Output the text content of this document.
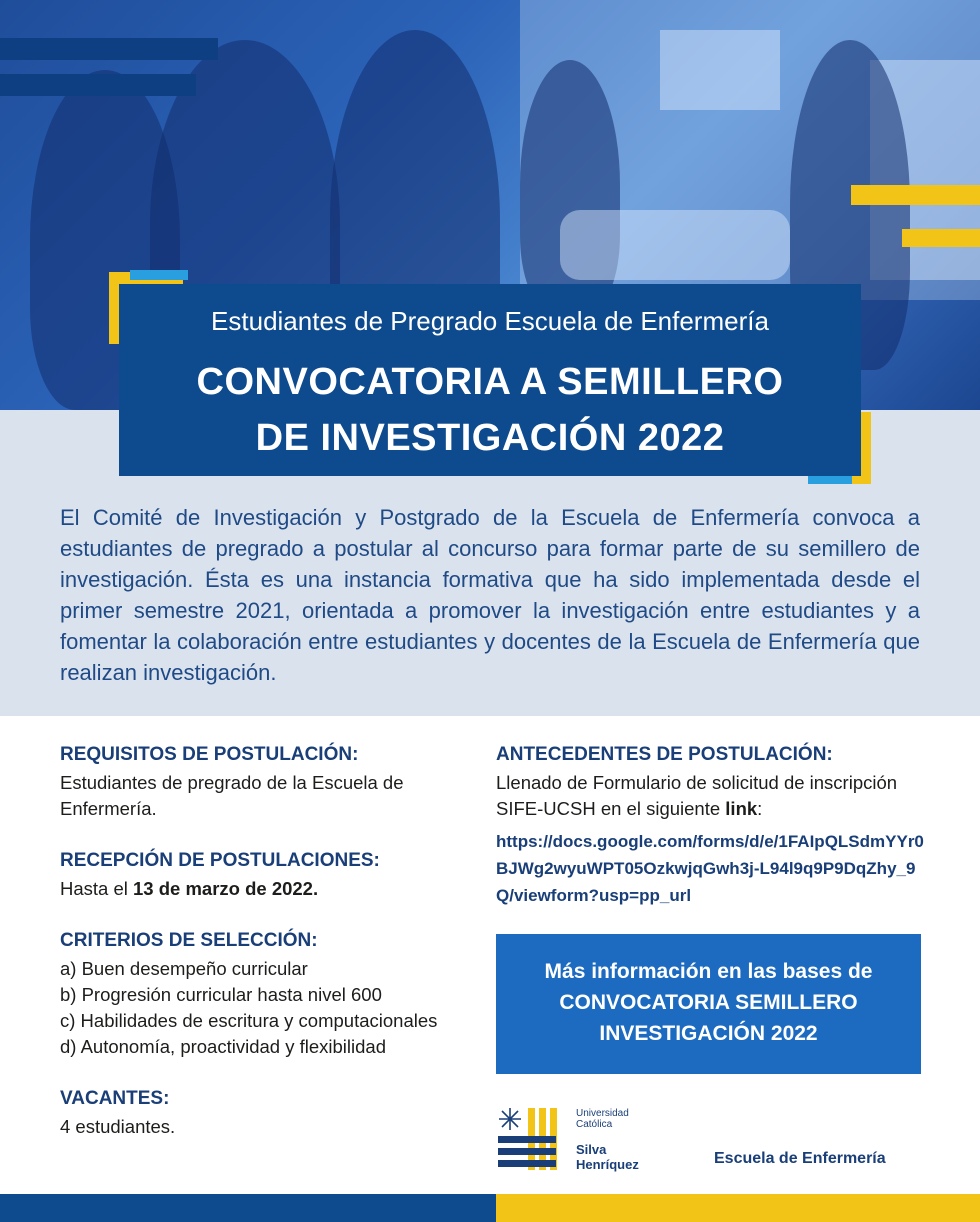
Estudiantes de Pregrado Escuela de Enfermería
CONVOCATORIA A SEMILLERO
DE INVESTIGACIÓN 2022

El Comité de Investigación y Postgrado de la Escuela de Enfermería convoca a estudiantes de pregrado a postular al concurso para formar parte de su semillero de investigación. Ésta es una instancia formativa que ha sido implementada desde el primer semestre 2021, orientada a promover la investigación entre estudiantes y a fomentar la colaboración entre estudiantes y docentes de la Escuela de Enfermería que realizan investigación.

REQUISITOS DE POSTULACIÓN:

Estudiantes de pregrado de la Escuela de Enfermería.

RECEPCIÓN DE POSTULACIONES:

Hasta el 13 de marzo de 2022.

CRITERIOS DE SELECCIÓN:

a) Buen desempeño curricular

b) Progresión curricular hasta nivel 600

c) Habilidades de escritura y computacionales

d) Autonomía, proactividad y flexibilidad

VACANTES:

4 estudiantes.

ANTECEDENTES DE POSTULACIÓN:

Llenado de Formulario de solicitud de inscripción SIFE-UCSH en el siguiente link:

https://docs.google.com/forms/d/e/1FAIpQLSdmYYr0BJWg2wyuWPT05OzkwjqGwh3j-L94l9q9P9DqZhy_9Q/viewform?usp=pp_url
Más información en las bases de
CONVOCATORIA SEMILLERO
INVESTIGACIÓN 2022
Universidad
Católica
Silva
Henríquez	Escuela de Enfermería
